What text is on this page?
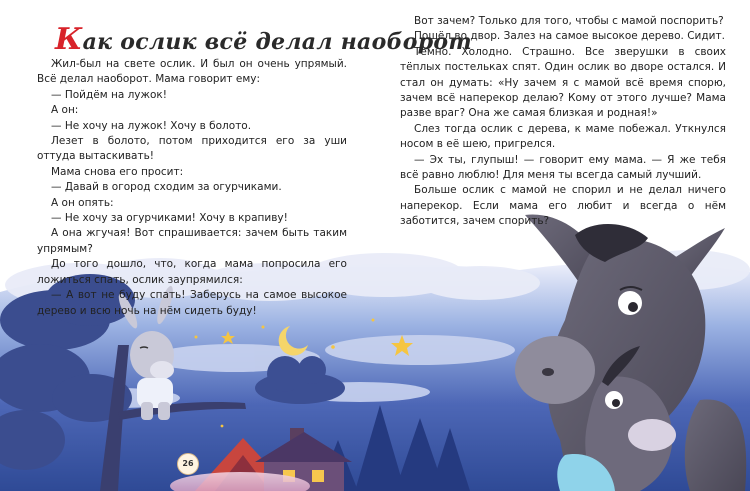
Как ослик всё делал наоборот

Жил-был на свете ослик. И был он очень упрямый. Всё делал наоборот. Мама говорит ему:

— Пойдём на лужок!

А он:

— Не хочу на лужок! Хочу в болото.

Лезет в болото, потом приходится его за уши оттуда вытаскивать!

Мама снова его просит:

— Давай в огород сходим за огурчиками.

А он опять:

— Не хочу за огурчиками! Хочу в крапиву!

А она жгучая! Вот спрашивается: зачем быть таким упрямым?

До того дошло, что, когда мама попросила его ложиться спать, ослик заупрямился:

— А вот не буду спать! Заберусь на самое высокое дерево и всю ночь на нём сидеть буду!

Вот зачем? Только для того, чтобы с мамой поспорить?

Пошёл во двор. Залез на самое высокое дерево. Сидит.

Темно. Холодно. Страшно. Все зверушки в своих тёплых постельках спят. Один ослик во дворе остался. И стал он думать: «Ну зачем я с мамой всё время спорю, зачем всё наперекор делаю? Кому от этого лучше? Мама разве враг? Она же самая близкая и родная!»

Слез тогда ослик с дерева, к маме побежал. Уткнулся носом в её шею, пригрелся.

— Эх ты, глупыш! — говорит ему мама. — Я же тебя всё равно люблю! Для меня ты всегда самый лучший.

Больше ослик с мамой не спорил и не делал ничего наперекор. Если мама его любит и всегда о нём заботится, зачем спорить?

26
